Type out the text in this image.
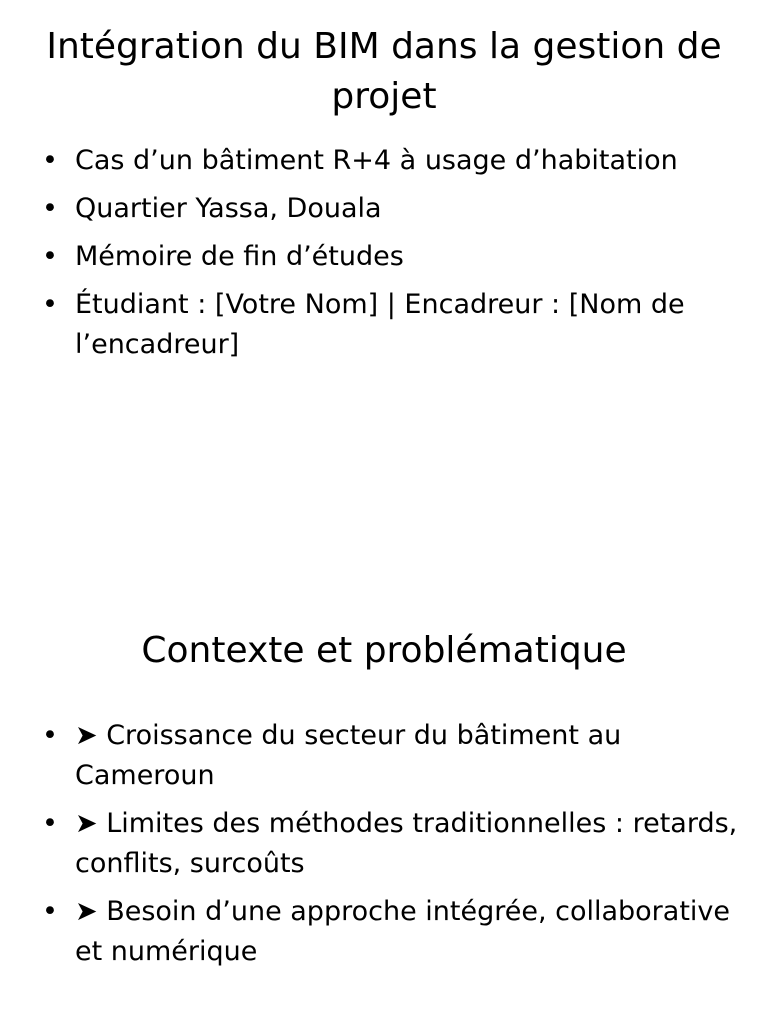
Intégration du BIM dans la gestion de projet
• Cas d’un bâtiment R+4 à usage d’habitation
• Quartier Yassa, Douala
• Mémoire de fin d’études
• Étudiant : [Votre Nom] | Encadreur : [Nom de l’encadreur]
Contexte et problématique
• ➤ Croissance du secteur du bâtiment au Cameroun
• ➤ Limites des méthodes traditionnelles : retards, conflits, surcoûts
• ➤ Besoin d’une approche intégrée, collaborative et numérique
